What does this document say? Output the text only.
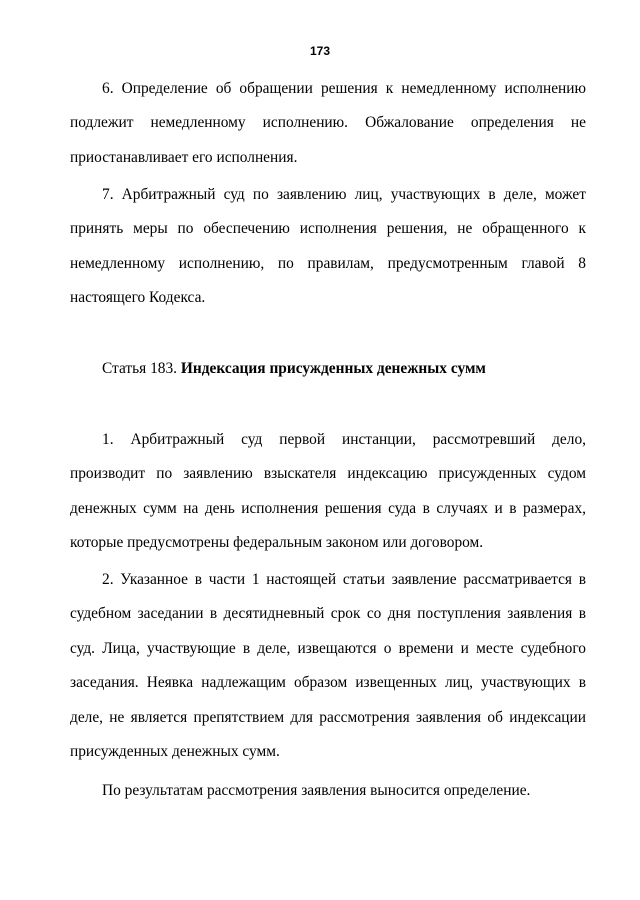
173

6. Определение об обращении решения к немедленному исполнению подлежит немедленному исполнению. Обжалование определения не приостанавливает его исполнения.

7. Арбитражный суд по заявлению лиц, участвующих в деле, может принять меры по обеспечению исполнения решения, не обращенного к немедленному исполнению, по правилам, предусмотренным главой 8 настоящего Кодекса.

Статья 183. Индексация присужденных денежных сумм

1. Арбитражный суд первой инстанции, рассмотревший дело, производит по заявлению взыскателя индексацию присужденных судом денежных сумм на день исполнения решения суда в случаях и в размерах, которые предусмотрены федеральным законом или договором.

2. Указанное в части 1 настоящей статьи заявление рассматривается в судебном заседании в десятидневный срок со дня поступления заявления в суд. Лица, участвующие в деле, извещаются о времени и месте судебного заседания. Неявка надлежащим образом извещенных лиц, участвующих в деле, не является препятствием для рассмотрения заявления об индексации присужденных денежных сумм.

По результатам рассмотрения заявления выносится определение.
